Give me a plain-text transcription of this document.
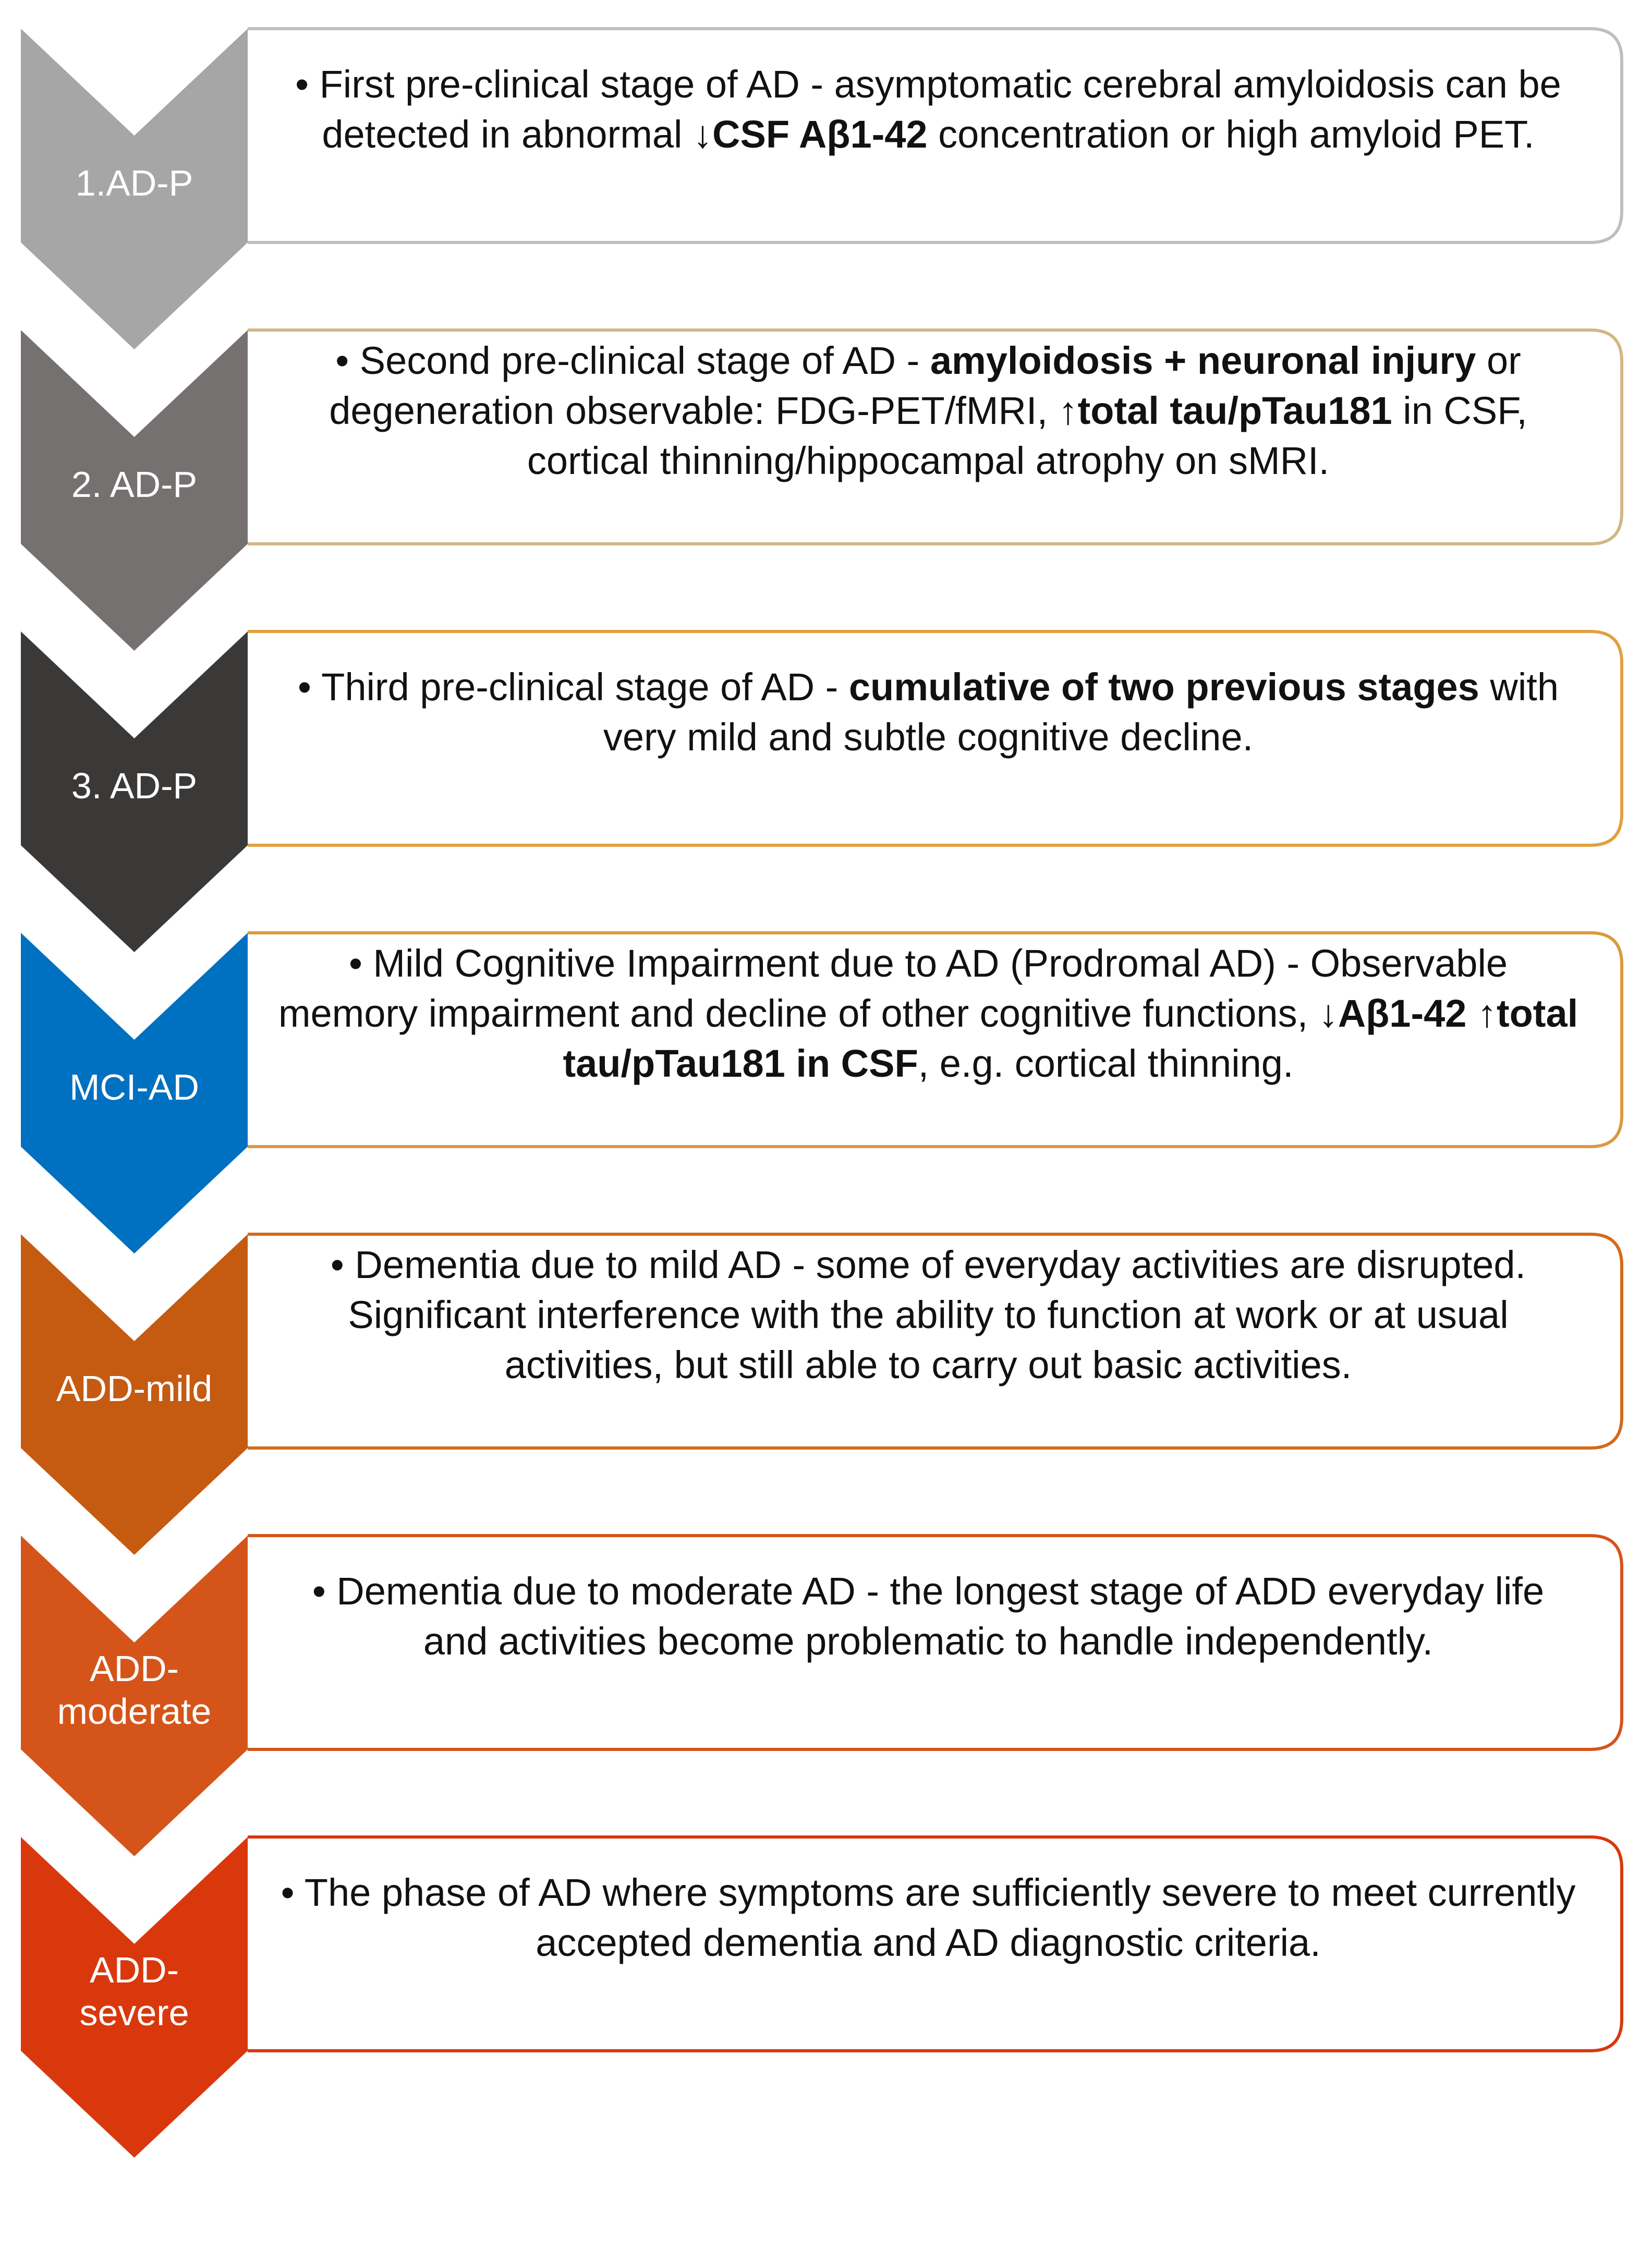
1.AD-P
2. AD-P
3. AD-P
MCI-AD
ADD-mild
ADD-moderate
ADD-severe

• First pre-clinical stage of AD - asymptomatic cerebral amyloidosis can be detected in abnormal ↓CSF Aβ1-42 concentration or high amyloid PET.

• Second pre-clinical stage of AD - amyloidosis + neuronal injury or degeneration observable: FDG-PET/fMRI, ↑total tau/pTau181 in CSF, cortical thinning/hippocampal atrophy on sMRI.

• Third pre-clinical stage of AD - cumulative of two previous stages with very mild and subtle cognitive decline.

• Mild Cognitive Impairment due to AD (Prodromal AD) - Observable memory impairment and decline of other cognitive functions, ↓Aβ1-42 ↑total tau/pTau181 in CSF, e.g. cortical thinning.

• Dementia due to mild AD - some of everyday activities are disrupted. Significant interference with the ability to function at work or at usual activities, but still able to carry out basic activities.

• Dementia due to moderate AD - the longest stage of ADD everyday life and activities become problematic to handle independently.

• The phase of AD where symptoms are sufficiently severe to meet currently accepted dementia and AD diagnostic criteria.
